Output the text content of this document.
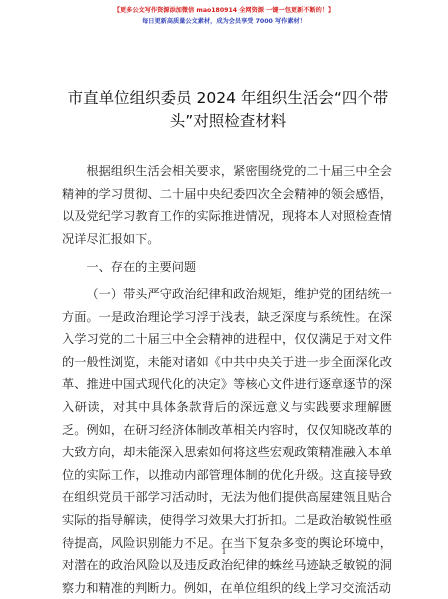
【更多公文写作资源添加微信 mao180914 全网资源 一键一包更新不断的！】
每日更新高质量公文素材，成为会员享受 7000 写作素材！
市直单位组织委员 2024 年组织生活会“四个带头”对照检查材料

根据组织生活会相关要求，紧密围绕党的二十届三中全会精神的学习贯彻、二十届中央纪委四次全会精神的领会感悟，以及党纪学习教育工作的实际推进情况，现将本人对照检查情况详尽汇报如下。

一、存在的主要问题

（一）带头严守政治纪律和政治规矩，维护党的团结统一方面。一是政治理论学习浮于浅表，缺乏深度与系统性。在深入学习党的二十届三中全会精神的进程中，仅仅满足于对文件的一般性浏览，未能对诸如《中共中央关于进一步全面深化改革、推进中国式现代化的决定》等核心文件进行逐章逐节的深入研读，对其中具体条款背后的深远意义与实践要求理解匮乏。例如，在研习经济体制改革相关内容时，仅仅知晓改革的大致方向，却未能深入思索如何将这些宏观政策精准融入本单位的实际工作，以推动内部管理体制的优化升级。这直接导致在组织党员干部学习活动时，无法为他们提供高屋建瓴且贴合实际的指导解读，使得学习效果大打折扣。二是政治敏锐性亟待提高，风险识别能力不足。在当下复杂多变的舆论环境中，对潜在的政治风险以及违反政治纪律的蛛丝马迹缺乏敏锐的洞察力和精准的判断力。例如，在单位组织的线上学习交流活动

1
